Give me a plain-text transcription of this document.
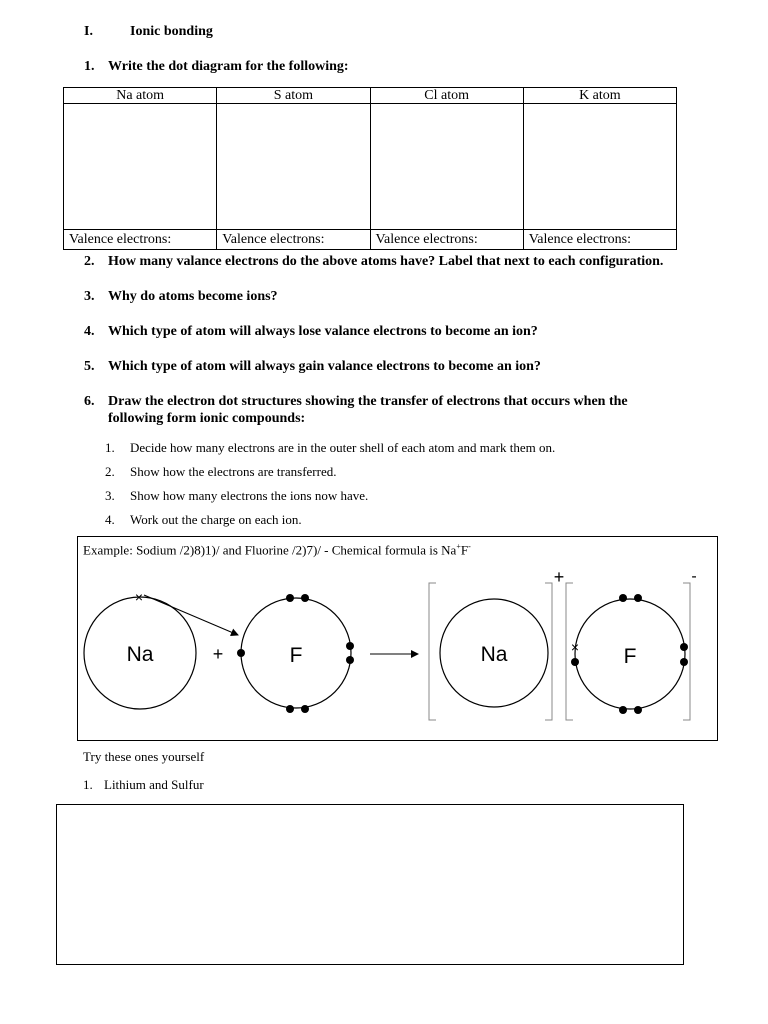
I.	Ionic bonding
1. Write the dot diagram for the following:
Na atom	S atom	Cl atom	K atom

Valence electrons:	Valence electrons:	Valence electrons:	Valence electrons:
2. How many valance electrons do the above atoms have? Label that next to each configuration.
3. Why do atoms become ions?
4. Which type of atom will always lose valance electrons to become an ion?
5. Which type of atom will always gain valance electrons to become an ion?
6. Draw the electron dot structures showing the transfer of electrons that occurs when the
following form ionic compounds:
1. Decide how many electrons are in the outer shell of each atom and mark them on.
2. Show how the electrons are transferred.
3. Show how many electrons the ions now have.
4. Work out the charge on each ion.
Example: Sodium /2)8)1)/ and Fluorine /2)7)/ - Chemical formula is Na+F-
Na
×
+	F	Na
+
F
-
×
Try these ones yourself
1. Lithium and Sulfur
